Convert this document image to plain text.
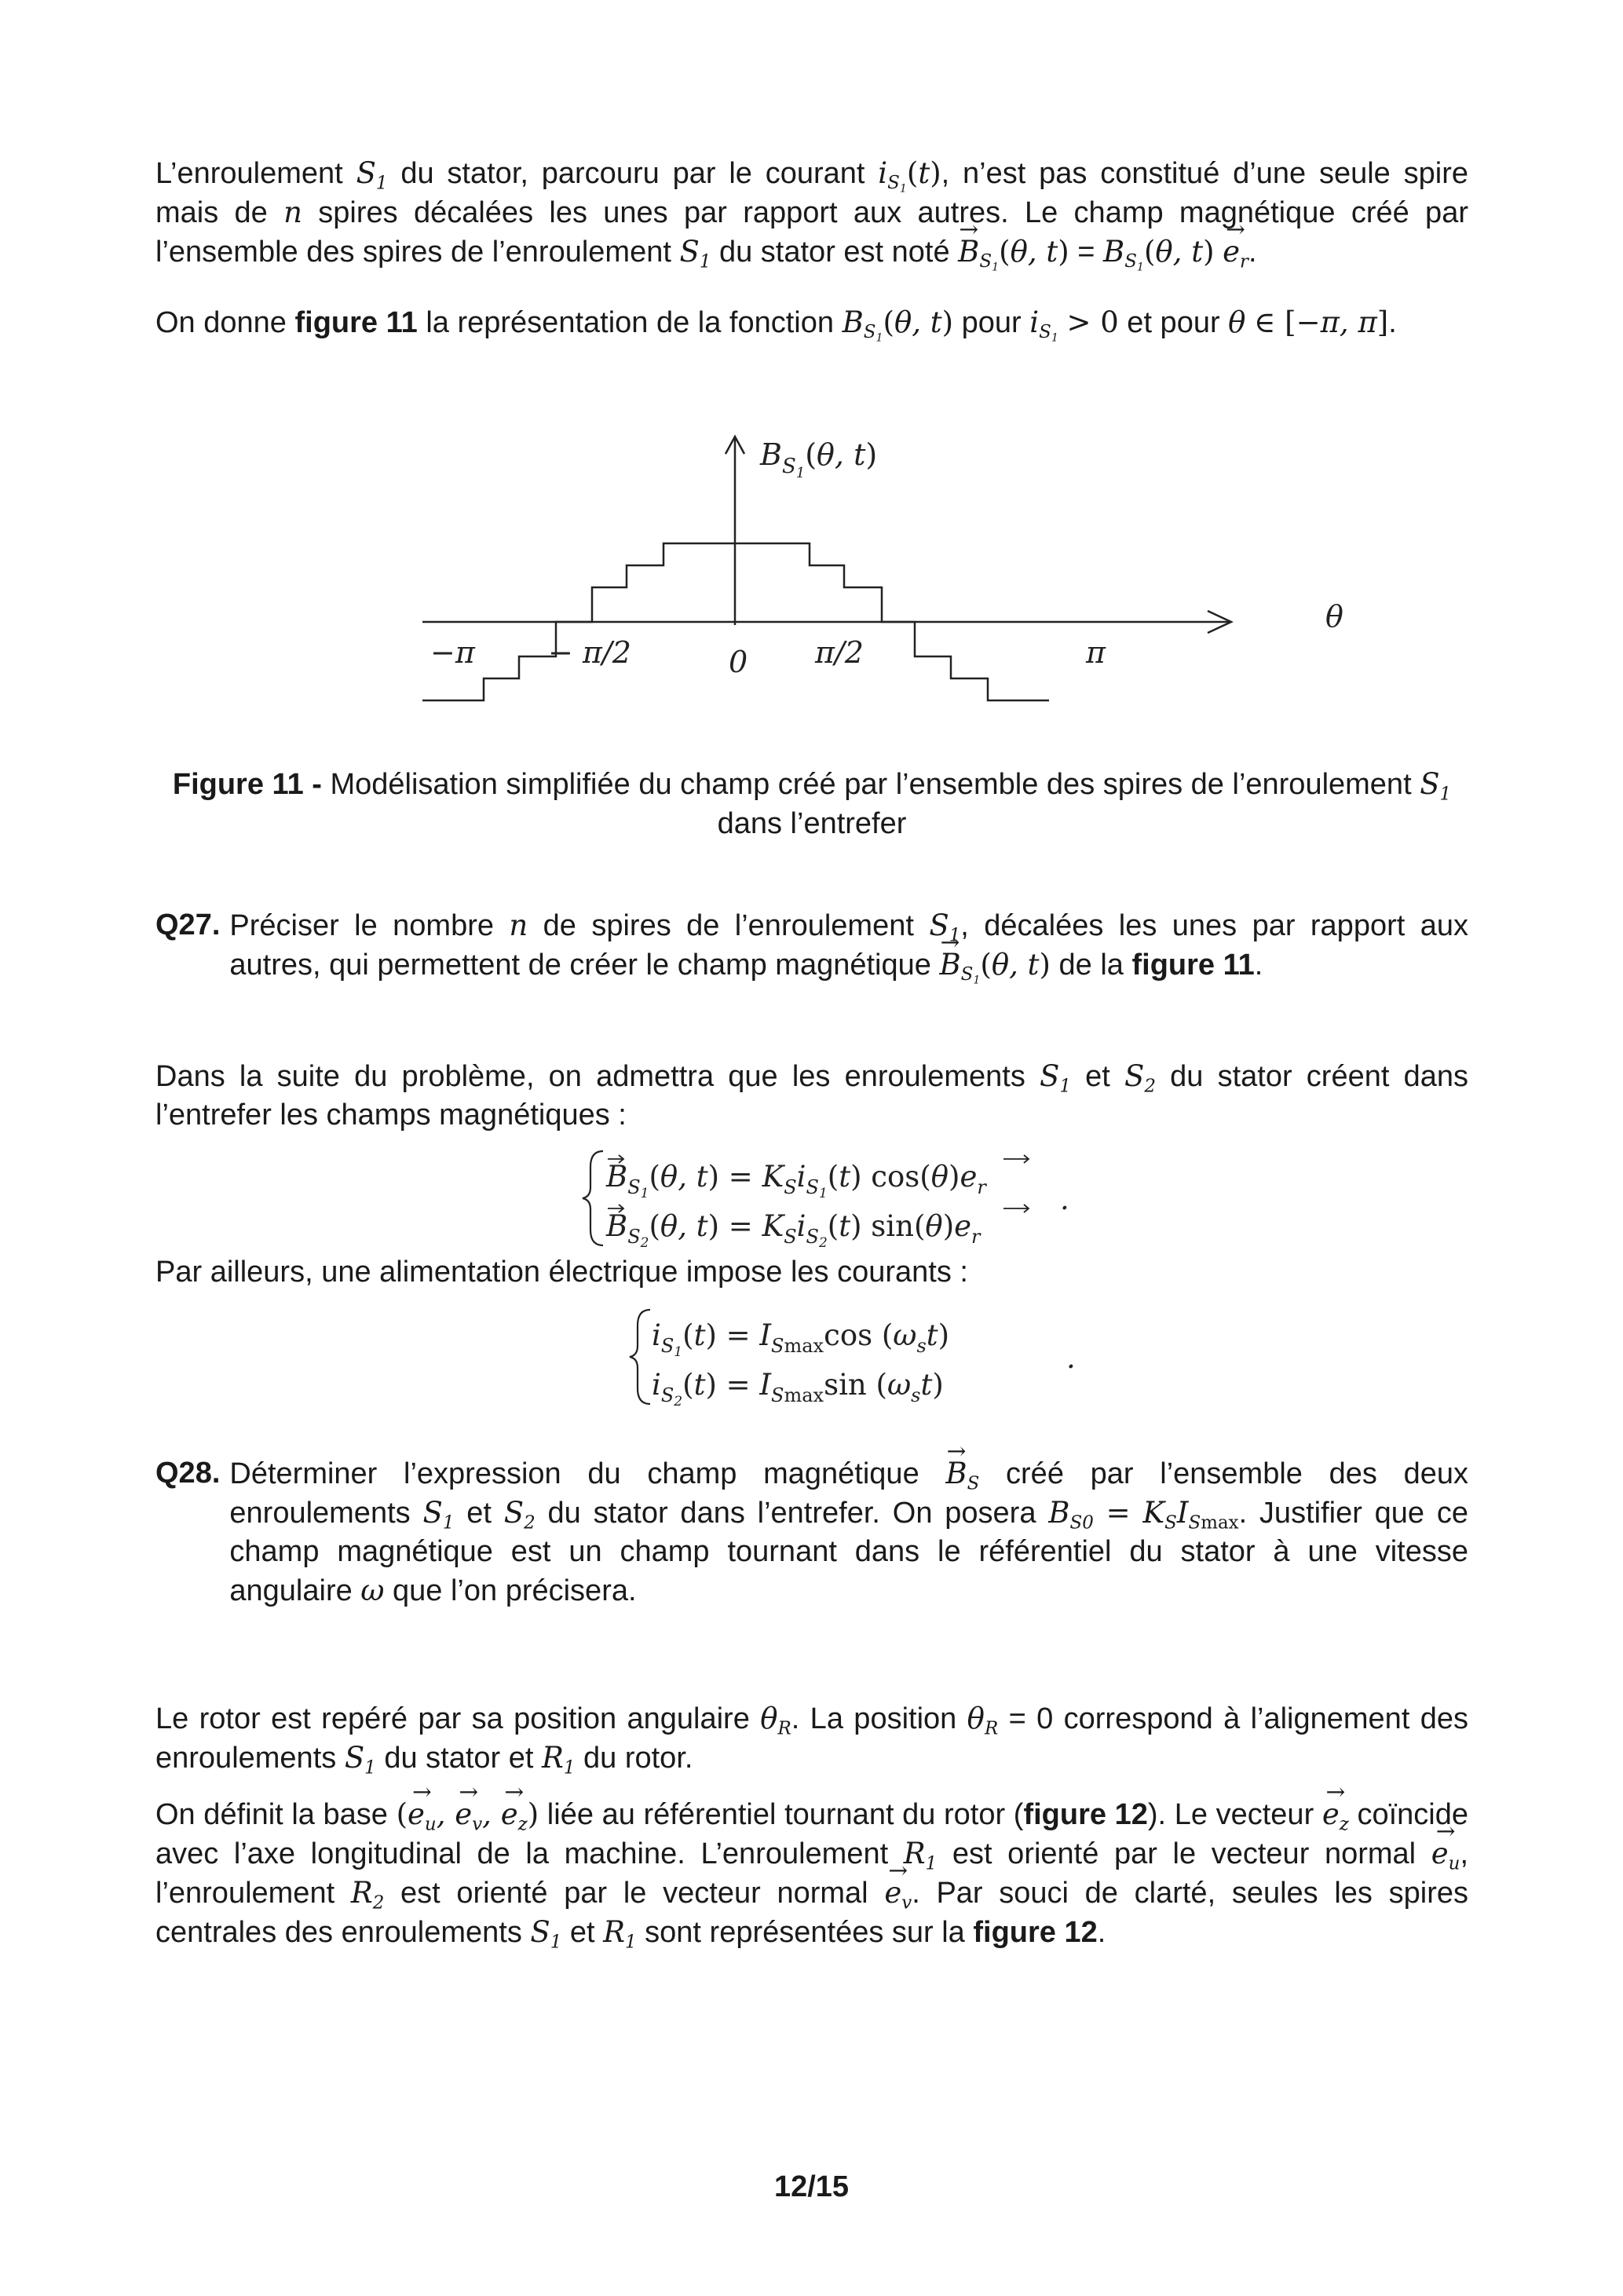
L’enroulement $S_1$ du stator, parcouru par le courant $i_{S_1}(t)$, n’est pas constitué d’une seule spire mais de n spires décalées les unes par rapport aux autres. Le champ magnétique créé par l’ensemble des spires de l’enroulement $S_1$ du stator est noté → $B_{S_1}(\theta$, $t) = B_{S_1}(\theta$, $t) \to e_r$.

On donne figure 11 la représentation de la fonction $B_{S_1}(\theta$, t) pour $i_{S_1} > 0$ et pour θ ∈ [−π, π].

$B_S1(\theta$, t)
θ
−π − π/2	0 π/2	π
Figure 11 - Modélisation simplifiée du champ créé par l’ensemble des spires de l’enroulement $S_1$
dans l’entrefer
Q27. Préciser le nombre n de spires de l’enroulement $S_1$, décalées les unes par rapport aux autres, qui permettent de créer le champ magnétique → $B_{S_1}(\theta$, t) de la figure 11.

Dans la suite du problème, on admettra que les enroulements $S_1$ et $S_2$ du stator créent dans l’entrefer les champs magnétiques :

$B_S1(\theta$, $t) = K_Si_S1(t)$ $\cos(\theta)e_r$
$B_S2(\theta$, $t) = K_Si_S2(t)$ $\sin(\theta)e_r$
.

Par ailleurs, une alimentation électrique impose les courants :

$i_S1(t) = I_Smaxcos$ $(\omega_st)$
$i_S2(t) = I_Smaxsin$ $(\omega_st)$
.
Q28. Déterminer l’expression du champ magnétique → $B_S$ créé par l’ensemble des deux enroulements $S_1$ et $S_2$ du stator dans l’entrefer. On posera $B_{S0} = K_SI_{Smax}$. Justifier que ce champ magnétique est un champ tournant dans le référentiel du stator à une vitesse angulaire ω que l’on précisera.

Le rotor est repéré par sa position angulaire $\theta_R$. La position $\theta_R = 0$ correspond à l’alignement des enroulements $S_1$ du stator et $R_1$ du rotor.

On définit la base (→ $e_u$, → $e_v$, → $e_z$) liée au référentiel tournant du rotor (figure 12). Le vecteur → $e_z$ coïncide avec l’axe longitudinal de la machine. L’enroulement $R_1$ est orienté par le vecteur normal → $e_u$, l’enroulement $R_2$ est orienté par le vecteur normal → $e_v$. Par souci de clarté, seules les spires centrales des enroulements $S_1$ et $R_1$ sont représentées sur la figure 12.

12/15
